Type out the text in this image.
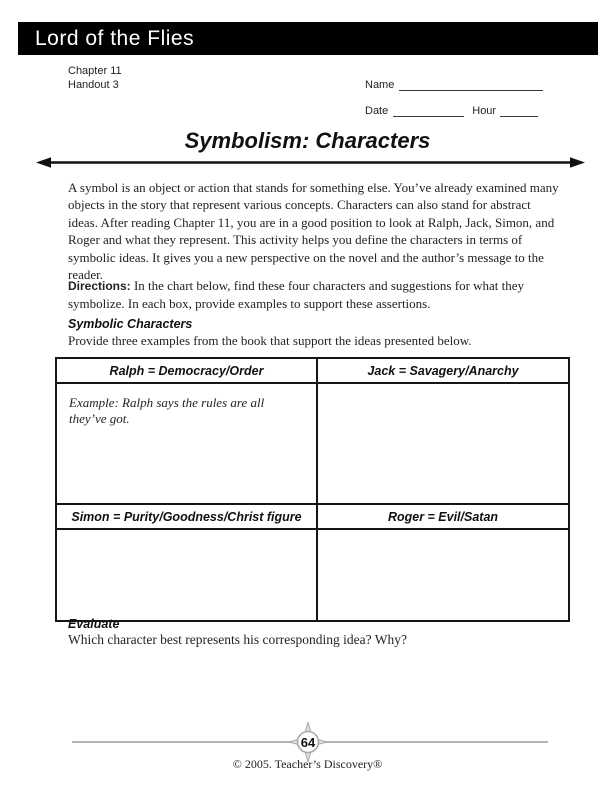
Lord of the Flies
Chapter 11
Handout 3	Name
Date	Hour
Symbolism: Characters
A symbol is an object or action that stands for something else. You’ve already examined many objects in the story that represent various concepts. Characters can also stand for abstract ideas. After reading Chapter 11, you are in a good position to look at Ralph, Jack, Simon, and Roger and what they represent. This activity helps you define the characters in terms of symbolic ideas. It gives you a new perspective on the novel and the author’s message to the reader.
Directions: In the chart below, find these four characters and suggestions for what they symbolize. In each box, provide examples to support these assertions.
Symbolic Characters
Provide three examples from the book that support the ideas presented below.
Ralph = Democracy/Order	Jack = Savagery/Anarchy
Example: Ralph says the rules are all they’ve got.
Simon = Purity/Goodness/Christ figure	Roger = Evil/Satan
Evaluate
Which character best represents his corresponding idea? Why?
64
© 2005. Teacher’s Discovery®
